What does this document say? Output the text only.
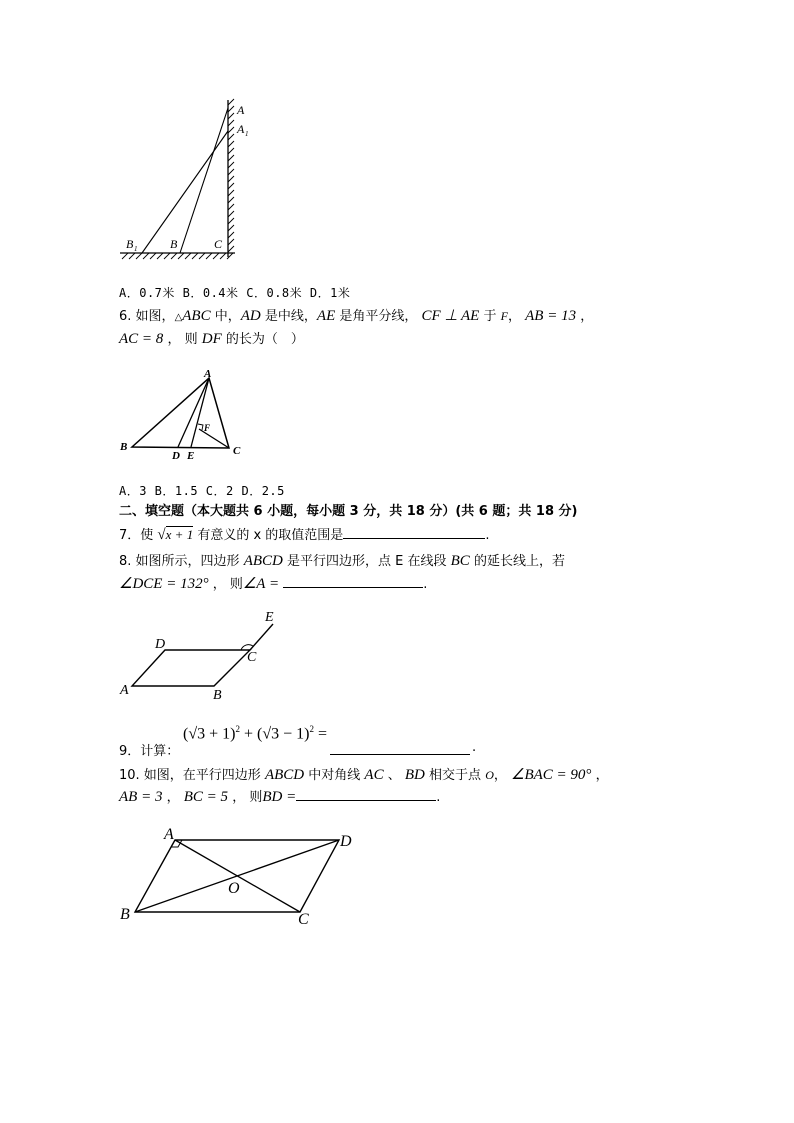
A
A 1
B 1	B	C
A．0.7米 B．0.4米 C．0.8米 D．1米
6. 如图，△ABC 中，AD 是中线，AE 是角平分线， CF ⊥ AE 于 F， AB = 13 ，
AC = 8 ， 则 DF 的长为（　）
A
B	C
D E
F
A．3 B．1.5 C．2 D．2.5
二、填空题（本大题共 6 小题，每小题 3 分，共 18 分）(共 6 题；共 18 分)
7．使 √x + 1 有意义的 x 的取值范围是	.
8. 如图所示，四边形 ABCD 是平行四边形，点 E 在线段 BC 的延长线上，若
∠DCE = 132° ， 则∠A =	.
A	B
C
D
E
9．计算：
$(√3 + 1)^2 + (√3 - 1)^2$ =
.
10. 如图，在平行四边形 ABCD 中对角线 AC 、 BD 相交于点 O， ∠BAC = 90° ，
AB = 3 ， BC = 5 ， 则BD =	.
A
B	C
D
O
